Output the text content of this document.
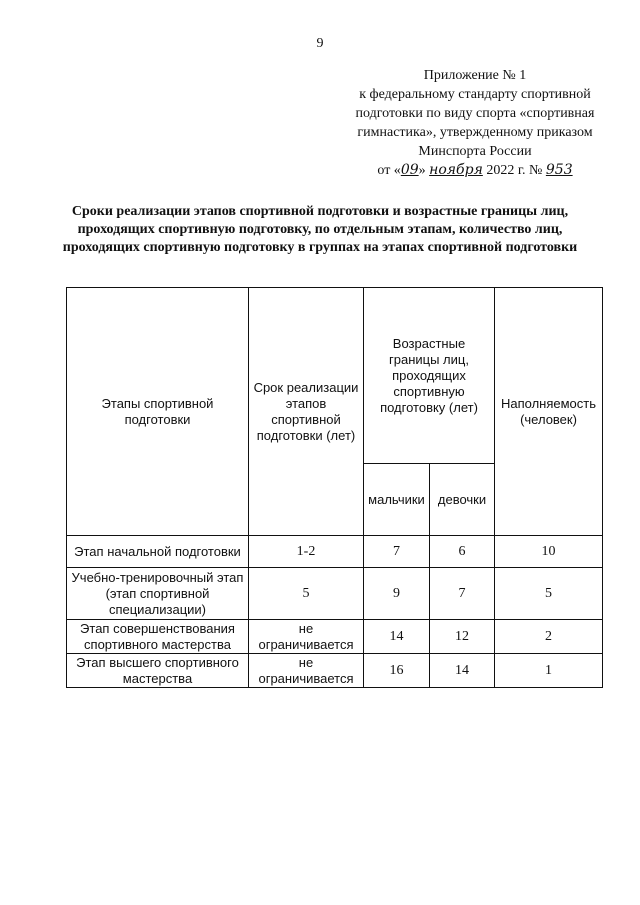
9
Приложение № 1
к федеральному стандарту спортивной
подготовки по виду спорта «спортивная
гимнастика», утвержденному приказом
Минспорта России
от «09» ноября 2022 г. № 953
Сроки реализации этапов спортивной подготовки и возрастные границы лиц, проходящих спортивную подготовку, по отдельным этапам, количество лиц, проходящих спортивную подготовку в группах на этапах спортивной подготовки
Этапы спортивной подготовки	Срок реализации этапов спортивной подготовки (лет)	Возрастные границы лиц, проходящих спортивную подготовку (лет)		Наполняемость (человек)
		мальчики	девочки	
Этап начальной подготовки	1-2	7	6	10
Учебно-тренировочный этап (этап спортивной специализации)	5	9	7	5
Этап совершенствования спортивного мастерства	не ограничивается	14	12	2
Этап высшего спортивного мастерства	не ограничивается	16	14	1
